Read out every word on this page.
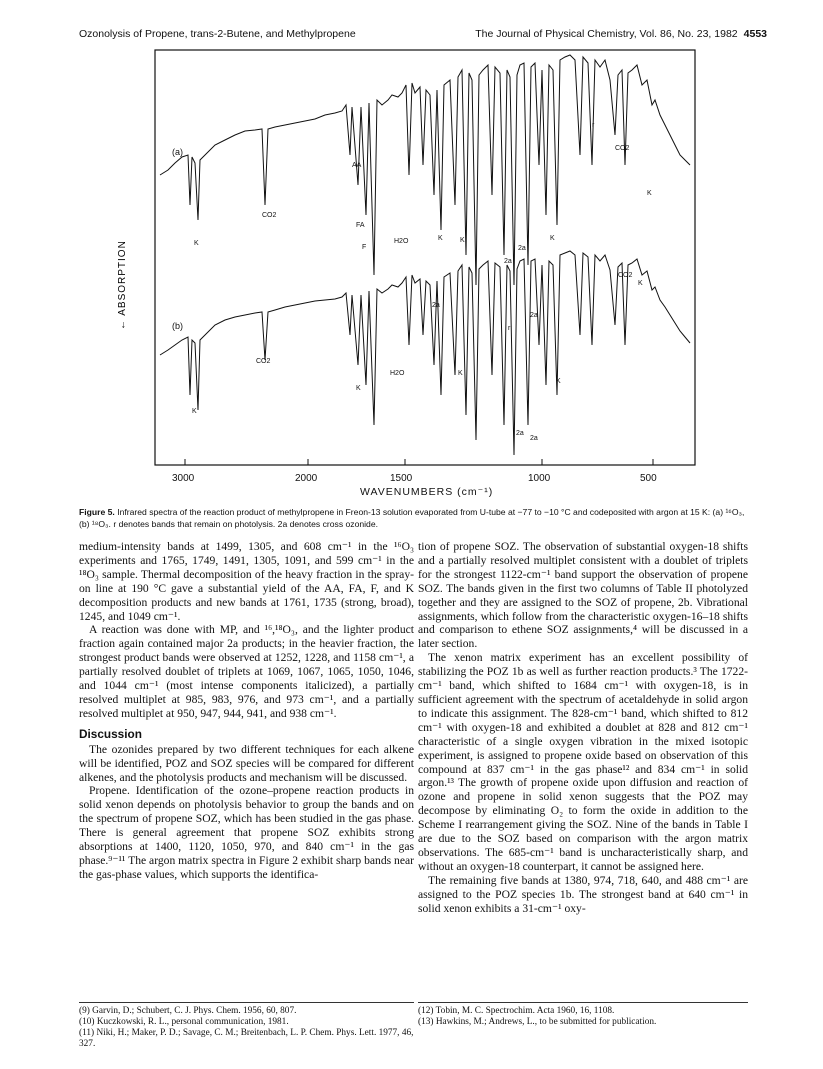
Ozonolysis of Propene, trans-2-Butene, and Methylpropene	The Journal of Physical Chemistry, Vol. 86, No. 23, 1982 4553
3000	2000	1500	1000	500
← ABSORPTION
(a)
(b)
K
CO2
AA
FA
F
H2O	K K
2a
2a
K
r
CO2
K
K
CO2
K
H2O	K
2a
r
2a
2a
2a
K
CO2
K
WAVENUMBERS (cm⁻¹)
Figure 5. Infrared spectra of the reaction product of methylpropene in Freon-13 solution evaporated from U-tube at −77 to −10 °C and codeposited with argon at 15 K: (a) ¹⁶O₃, (b) ¹⁸O₃. r denotes bands that remain on photolysis. 2a denotes cross ozonide.

medium-intensity bands at 1499, 1305, and 608 cm⁻¹ in the ¹⁶O₃ experiments and 1765, 1749, 1491, 1305, 1091, and 599 cm⁻¹ in the ¹⁸O₃ sample. Thermal decomposition of the heavy fraction in the spray-on line at 190 °C gave a substantial yield of the AA, FA, F, and K decomposition products and new bands at 1761, 1735 (strong, broad), 1245, and 1049 cm⁻¹.

A reaction was done with MP, and ¹⁶,¹⁸O₃, and the lighter product fraction again contained major 2a products; in the heavier fraction, the strongest product bands were observed at 1252, 1228, and 1158 cm⁻¹, a partially resolved doublet of triplets at 1069, 1067, 1065, 1050, 1046, and 1044 cm⁻¹ (most intense components italicized), a partially resolved multiplet at 985, 983, 976, and 973 cm⁻¹, and a partially resolved multiplet at 950, 947, 944, 941, and 938 cm⁻¹.

Discussion

The ozonides prepared by two different techniques for each alkene will be identified, POZ and SOZ species will be compared for different alkenes, and the photolysis products and mechanism will be discussed.

Propene. Identification of the ozone–propene reaction products in solid xenon depends on photolysis behavior to group the bands and on the spectrum of propene SOZ, which has been studied in the gas phase. There is general agreement that propene SOZ exhibits strong absorptions at 1400, 1120, 1050, 970, and 840 cm⁻¹ in the gas phase.⁹⁻¹¹ The argon matrix spectra in Figure 2 exhibit sharp bands near the gas-phase values, which supports the identifica-

tion of propene SOZ. The observation of substantial oxygen-18 shifts and a partially resolved multiplet consistent with a doublet of triplets for the strongest 1122-cm⁻¹ band support the observation of propene SOZ. The bands given in the first two columns of Table II photolyzed together and they are assigned to the SOZ of propene, 2b. Vibrational assignments, which follow from the characteristic oxygen-16–18 shifts and comparison to ethene SOZ assignments,⁴ will be discussed in a later section.

The xenon matrix experiment has an excellent possibility of stabilizing the POZ 1b as well as further reaction products.³ The 1722-cm⁻¹ band, which shifted to 1684 cm⁻¹ with oxygen-18, is in sufficient agreement with the spectrum of acetaldehyde in solid argon to indicate this assignment. The 828-cm⁻¹ band, which shifted to 812 cm⁻¹ with oxygen-18 and exhibited a doublet at 828 and 812 cm⁻¹ characteristic of a single oxygen vibration in the mixed isotopic experiment, is assigned to propene oxide based on observation of this compound at 837 cm⁻¹ in the gas phase¹² and 834 cm⁻¹ in solid argon.¹³ The growth of propene oxide upon diffusion and reaction of ozone and propene in solid xenon suggests that the POZ may decompose by eliminating O₂ to form the oxide in addition to the Scheme I rearrangement giving the SOZ. Nine of the bands in Table I are due to the SOZ based on comparison with the argon matrix observations. The 685-cm⁻¹ band is uncharacteristically sharp, and without an oxygen-18 counterpart, it cannot be assigned here.

The remaining five bands at 1380, 974, 718, 640, and 488 cm⁻¹ are assigned to the POZ species 1b. The strongest band at 640 cm⁻¹ in solid xenon exhibits a 31-cm⁻¹ oxy-

(9) Garvin, D.; Schubert, C. J. Phys. Chem. 1956, 60, 807.
(10) Kuczkowski, R. L., personal communication, 1981.
(11) Niki, H.; Maker, P. D.; Savage, C. M.; Breitenbach, L. P. Chem. Phys. Lett. 1977, 46, 327.
(12) Tobin, M. C. Spectrochim. Acta 1960, 16, 1108.
(13) Hawkins, M.; Andrews, L., to be submitted for publication.
